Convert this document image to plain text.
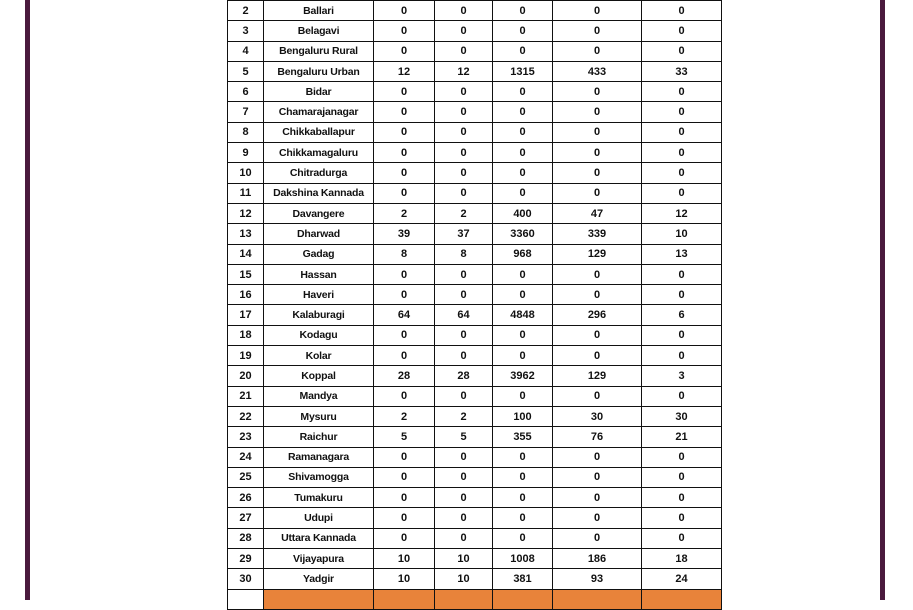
2	Ballari	0	0	0	0	0
3	Belagavi	0	0	0	0	0
4	Bengaluru Rural	0	0	0	0	0
5	Bengaluru Urban	12	12	1315	433	33
6	Bidar	0	0	0	0	0
7	Chamarajanagar	0	0	0	0	0
8	Chikkaballapur	0	0	0	0	0
9	Chikkamagaluru	0	0	0	0	0
10	Chitradurga	0	0	0	0	0
11	Dakshina Kannada	0	0	0	0	0
12	Davangere	2	2	400	47	12
13	Dharwad	39	37	3360	339	10
14	Gadag	8	8	968	129	13
15	Hassan	0	0	0	0	0
16	Haveri	0	0	0	0	0
17	Kalaburagi	64	64	4848	296	6
18	Kodagu	0	0	0	0	0
19	Kolar	0	0	0	0	0
20	Koppal	28	28	3962	129	3
21	Mandya	0	0	0	0	0
22	Mysuru	2	2	100	30	30
23	Raichur	5	5	355	76	21
24	Ramanagara	0	0	0	0	0
25	Shivamogga	0	0	0	0	0
26	Tumakuru	0	0	0	0	0
27	Udupi	0	0	0	0	0
28	Uttara Kannada	0	0	0	0	0
29	Vijayapura	10	10	1008	186	18
30	Yadgir	10	10	381	93	24
